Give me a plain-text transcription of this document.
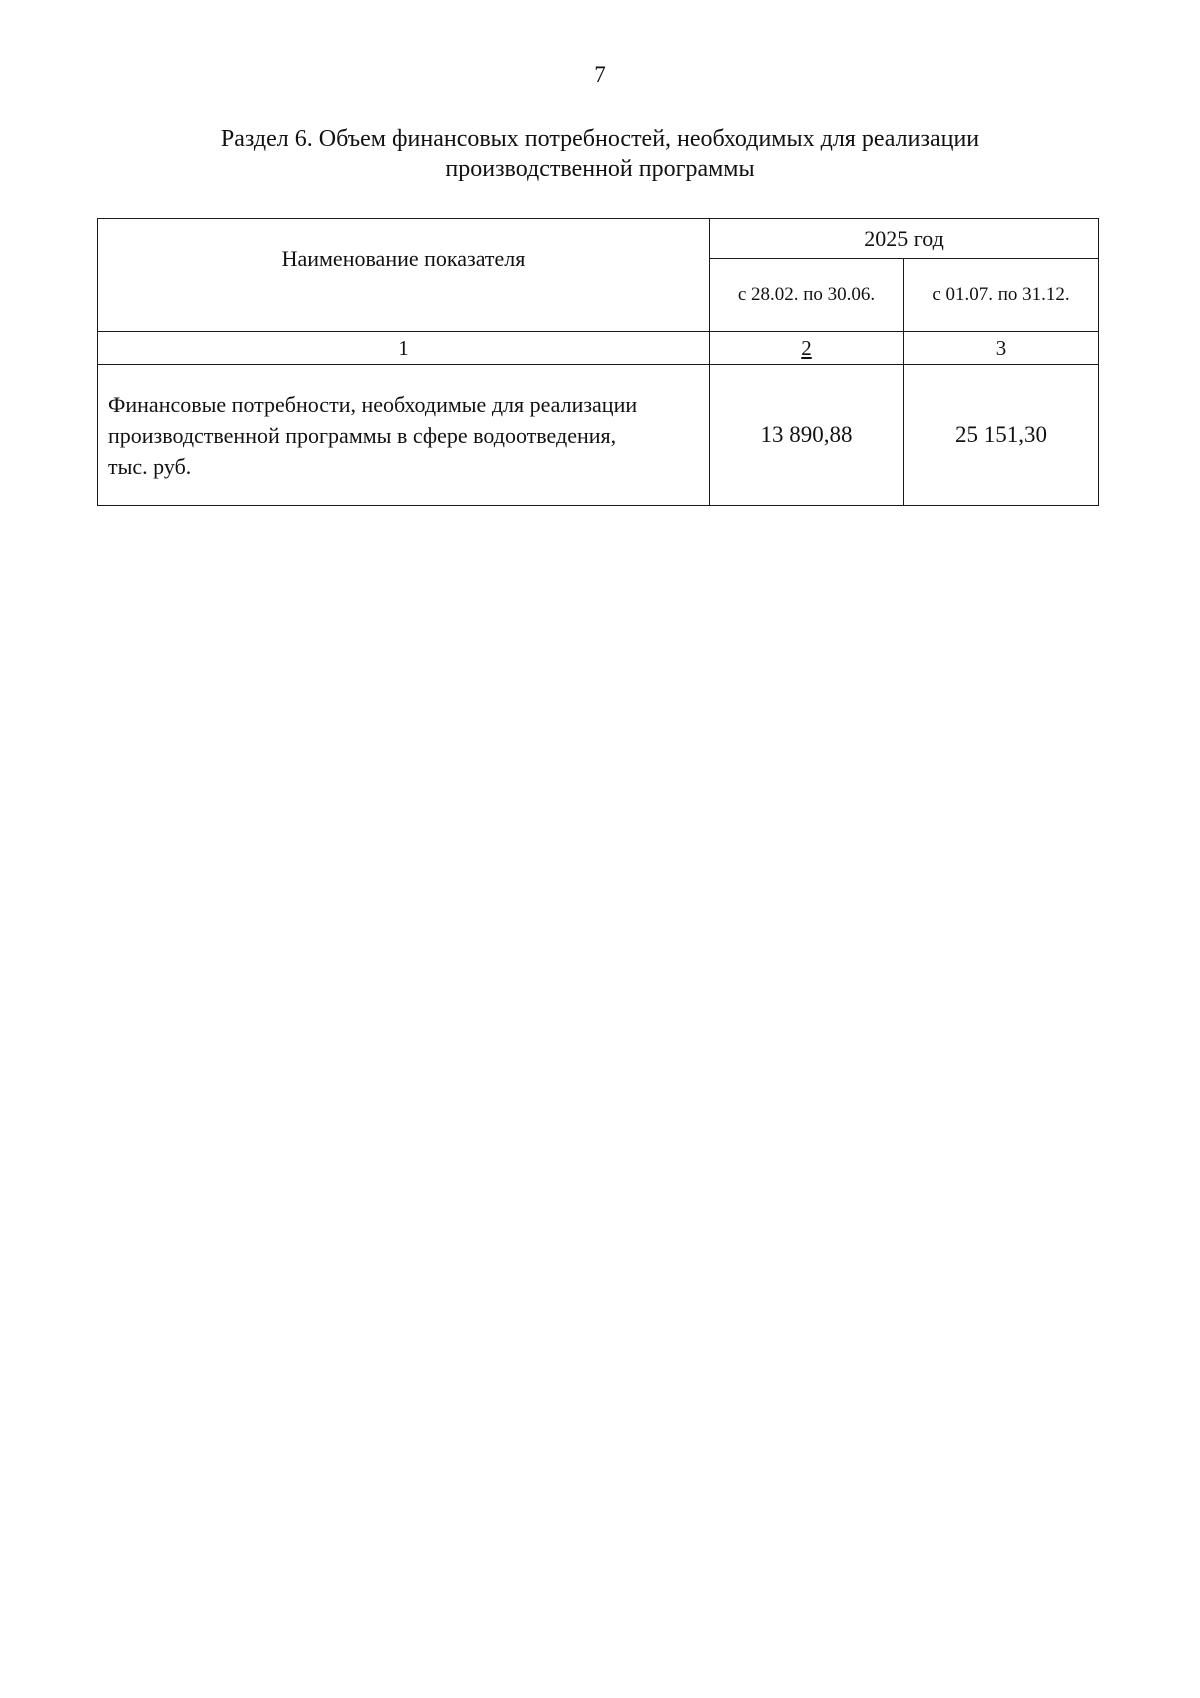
7
Раздел 6. Объем финансовых потребностей, необходимых для реализации
производственной программы
Наименование показателя	2025 год	
	с 28.02. по 30.06.	с 01.07. по 31.12.
1	2	3

Финансовые потребности, необходимые для реализации производственной программы в сфере водоотведения, тыс. руб.	13 890,88	25 151,30
